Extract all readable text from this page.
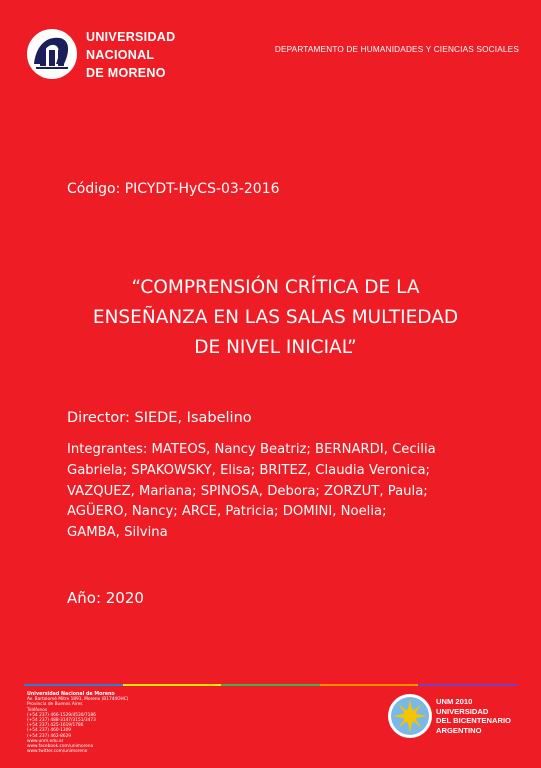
UNIVERSIDAD
NACIONAL
DE MORENO
DEPARTAMENTO DE HUMANIDADES Y CIENCIAS SOCIALES
Código: PICYDT-HyCS-03-2016
“COMPRENSIÓN CRÍTICA DE LA
ENSEÑANZA EN LAS SALAS MULTIEDAD
DE NIVEL INICIAL”
Director: SIEDE, Isabelino
Integrantes: MATEOS, Nancy Beatriz; BERNARDI, Cecilia
Gabriela; SPAKOWSKY, Elisa; BRITEZ, Claudia Veronica;
VAZQUEZ, Mariana; SPINOSA, Debora; ZORZUT, Paula;
AGÜERO, Nancy; ARCE, Patricia; DOMINI, Noelia;
GAMBA, Silvina
Año: 2020
Universidad Nacional de Moreno
Av. Bartolomé Mitre 1891, Moreno (B1744OHC)
Provincia de Buenos Aires
Teléfonos
(+54 237) 466-1529/4530/7186
(+54 237) 488-3147/3151/3473
(+54 237) 425-1619/1786
(+54 237) 460-1309
(+54 237) 462-8629
www.unm.edu.ar
www.facebook.com/unimoreno
www.twitter.com/unimoreno
UNM 2010
UNIVERSIDAD
DEL BICENTENARIO
ARGENTINO
